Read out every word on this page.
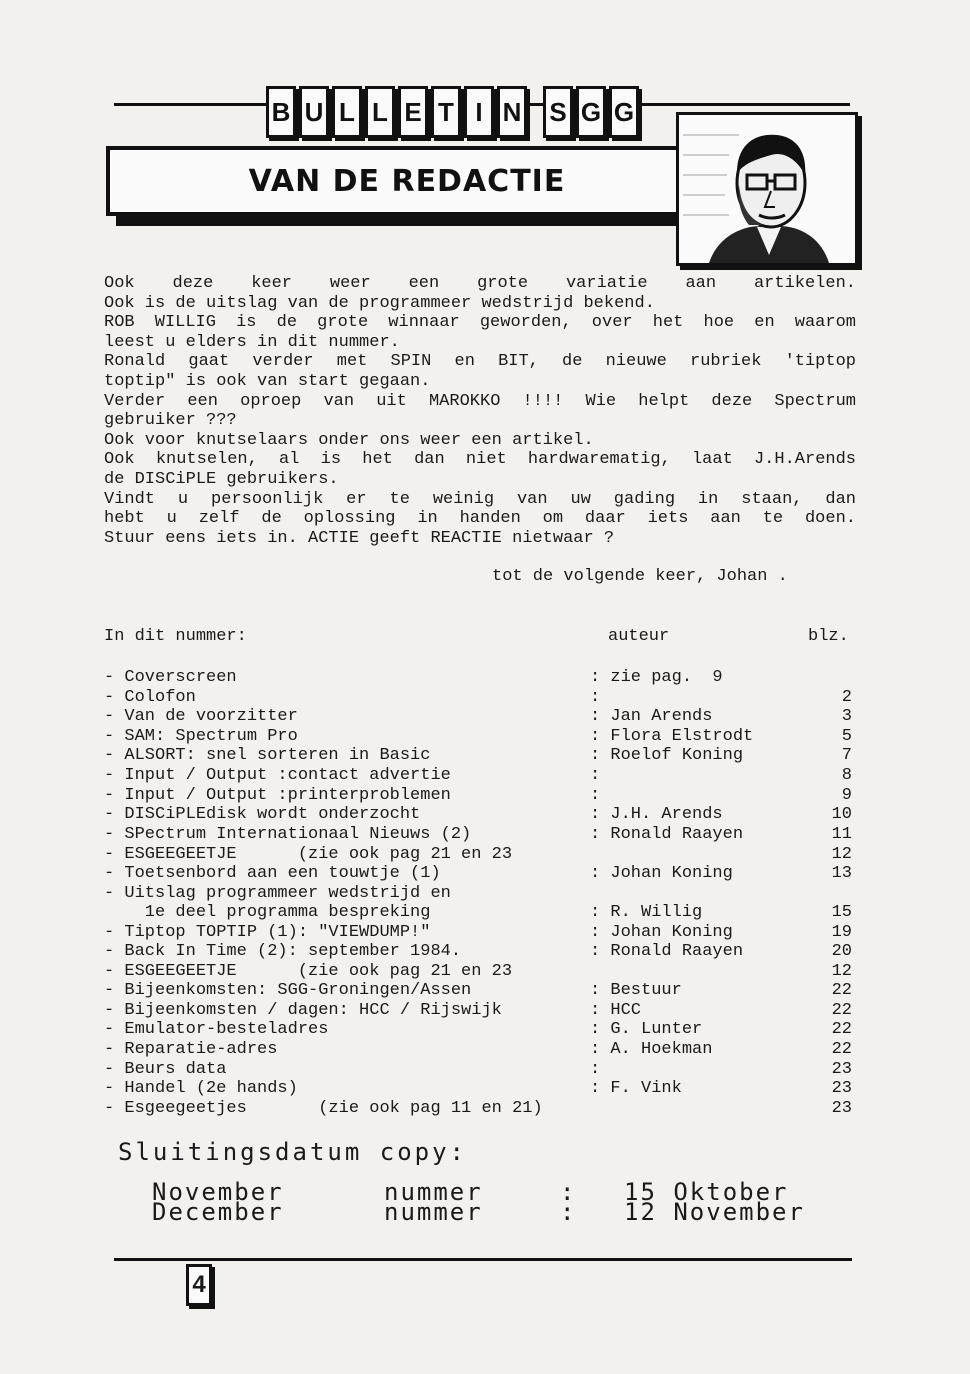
B U L L E T I N S G G
VAN DE REDACTIE
Ook deze keer weer een grote variatie aan artikelen.
Ook is de uitslag van de programmeer wedstrijd bekend.
ROB WILLIG is de grote winnaar geworden, over het hoe en waarom
leest u elders in dit nummer.
Ronald gaat verder met SPIN en BIT, de nieuwe rubriek 'tiptop
toptip" is ook van start gegaan.
Verder een oproep van uit MAROKKO !!!! Wie helpt deze Spectrum
gebruiker ???
Ook voor knutselaars onder ons weer een artikel.
Ook knutselen, al is het dan niet hardwarematig, laat J.H.Arends
de DISCiPLE gebruikers.
Vindt u persoonlijk er te weinig van uw gading in staan, dan
hebt u zelf de oplossing in handen om daar iets aan te doen.
Stuur eens iets in. ACTIE geeft REACTIE nietwaar ?
tot de volgende keer, Johan .
In dit nummer:	auteur	blz.
- Coverscreen	: zie pag.  9
- Colofon	:	2
- Van de voorzitter	: Jan Arends	3
- SAM: Spectrum Pro	: Flora Elstrodt	5
- ALSORT: snel sorteren in Basic	: Roelof Koning	7
- Input / Output :contact advertie	:	8
- Input / Output :printerproblemen	:	9
- DISCiPLEdisk wordt onderzocht	: J.H. Arends	10
- SPectrum Internationaal Nieuws (2)	: Ronald Raayen	11
- ESGEEGEETJE      (zie ook pag 21 en 23	12
- Toetsenbord aan een touwtje (1)	: Johan Koning	13
- Uitslag programmeer wedstrijd en
1e deel programma bespreking	: R. Willig	15
- Tiptop TOPTIP (1): "VIEWDUMP!"	: Johan Koning	19
- Back In Time (2): september 1984.	: Ronald Raayen	20
- ESGEEGEETJE      (zie ook pag 21 en 23	12
- Bijeenkomsten: SGG-Groningen/Assen	: Bestuur	22
- Bijeenkomsten / dagen: HCC / Rijswijk	: HCC	22
- Emulator-besteladres	: G. Lunter	22
- Reparatie-adres	: A. Hoekman	22
- Beurs data	:	23
- Handel (2e hands)	: F. Vink	23
- Esgeegeetjes       (zie ook pag 11 en 21)	23
Sluitingsdatum copy:
November	nummer	: 15 Oktober
December	nummer	: 12 November
4
